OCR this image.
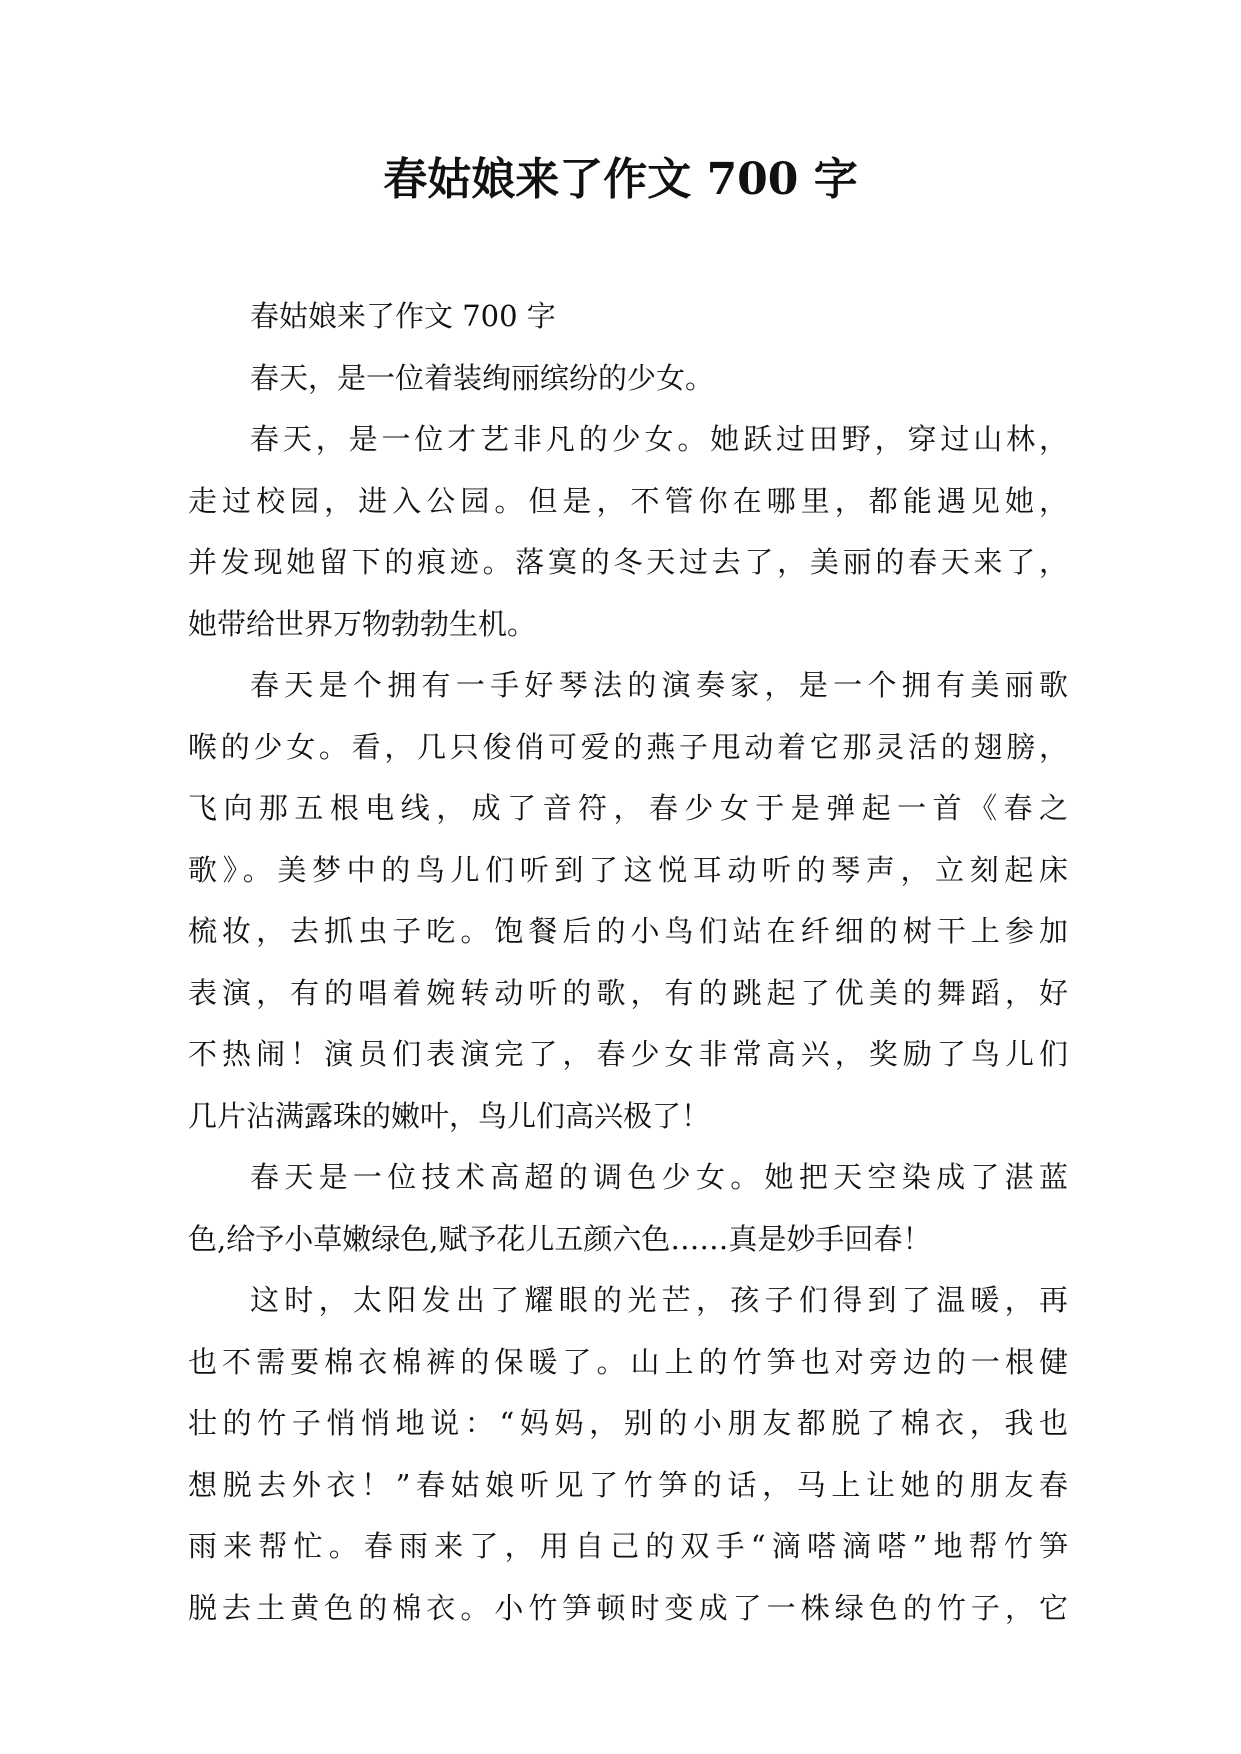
春姑娘来了作文 700 字
春姑娘来了作文 700 字
春天，是一位着装绚丽缤纷的少女。
春天，是一位才艺非凡的少女。她跃过田野，穿过山林，
走过校园，进入公园。但是，不管你在哪里，都能遇见她，
并发现她留下的痕迹。落寞的冬天过去了，美丽的春天来了，
她带给世界万物勃勃生机。
春天是个拥有一手好琴法的演奏家，是一个拥有美丽歌
喉的少女。看，几只俊俏可爱的燕子甩动着它那灵活的翅膀，
飞向那五根电线，成了音符，春少女于是弹起一首《春之
歌》。美梦中的鸟儿们听到了这悦耳动听的琴声，立刻起床
梳妆，去抓虫子吃。饱餐后的小鸟们站在纤细的树干上参加
表演，有的唱着婉转动听的歌，有的跳起了优美的舞蹈，好
不热闹！演员们表演完了，春少女非常高兴，奖励了鸟儿们
几片沾满露珠的嫩叶，鸟儿们高兴极了！
春天是一位技术高超的调色少女。她把天空染成了湛蓝
色,给予小草嫩绿色,赋予花儿五颜六色……真是妙手回春！
这时，太阳发出了耀眼的光芒，孩子们得到了温暖，再
也不需要棉衣棉裤的保暖了。山上的竹笋也对旁边的一根健
壮的竹子悄悄地说：“妈妈，别的小朋友都脱了棉衣，我也
想脱去外衣！”春姑娘听见了竹笋的话，马上让她的朋友春
雨来帮忙。春雨来了，用自己的双手“滴嗒滴嗒”地帮竹笋
脱去土黄色的棉衣。小竹笋顿时变成了一株绿色的竹子，它
